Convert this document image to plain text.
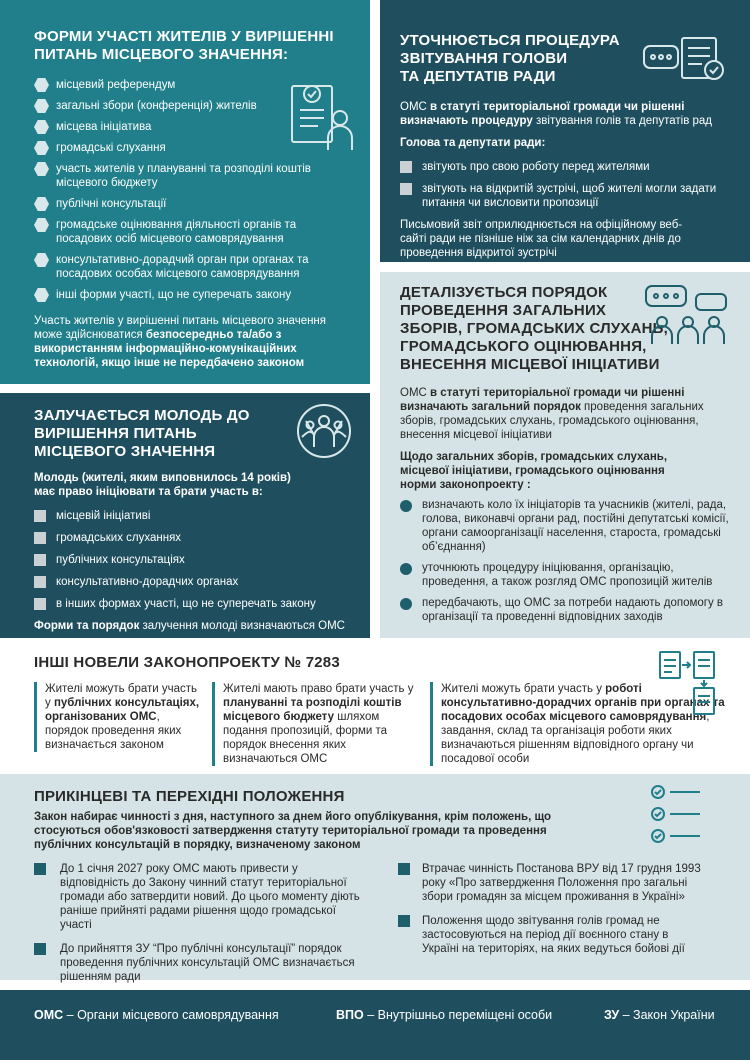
ФОРМИ УЧАСТІ ЖИТЕЛІВ У ВИРІШЕННІ
ПИТАНЬ МІСЦЕВОГО ЗНАЧЕННЯ:
місцевий референдум
загальні збори (конференція) жителів
місцева ініціатива
громадські слухання
участь жителів у плануванні та розподілі коштів місцевого бюджету
публічні консультації
громадське оцінювання діяльності органів та посадових осіб місцевого самоврядування
консультативно-дорадчий орган при органах та посадових особах місцевого самоврядування
інші форми участі, що не суперечать закону

Участь жителів у вирішенні питань місцевого значення може здійснюватися безпосередньо та/або з використанням інформаційно-комунікаційних технологій, якщо інше не передбачено законом

УТОЧНЮЄТЬСЯ ПРОЦЕДУРА
ЗВІТУВАННЯ ГОЛОВИ
ТА ДЕПУТАТІВ РАДИ

ОМС в статуті територіальної громади чи рішенні визначають процедуру звітування голів та депутатів рад

Голова та депутати ради:

звітують про свою роботу перед жителями
звітують на відкритій зустрічі, щоб жителі могли задати питання чи висловити пропозиції

Письмовий звіт оприлюднюється на офіційному веб-сайті ради не пізніше ніж за сім календарних днів до проведення відкритої зустрічі

ЗАЛУЧАЄТЬСЯ МОЛОДЬ ДО
ВИРІШЕННЯ ПИТАНЬ
МІСЦЕВОГО ЗНАЧЕННЯ

Молодь (жителі, яким виповнилось 14 років) має право ініціювати та брати участь в:

місцевій ініціативі
громадських слуханнях
публічних консультаціях
консультативно-дорадчих органах
в інших формах участі, що не суперечать закону

Форми та порядок залучення молоді визначаються ОМС

ДЕТАЛІЗУЄТЬСЯ ПОРЯДОК
ПРОВЕДЕННЯ ЗАГАЛЬНИХ
ЗБОРІВ, ГРОМАДСЬКИХ СЛУХАНЬ,
ГРОМАДСЬКОГО ОЦІНЮВАННЯ,
ВНЕСЕННЯ МІСЦЕВОЇ ІНІЦІАТИВИ

ОМС в статуті територіальної громади чи рішенні визначають загальний порядок проведення загальних зборів, громадських слухань, громадського оцінювання, внесення місцевої ініціативи

Щодо загальних зборів, громадських слухань, місцевої ініціативи, громадського оцінювання норми законопроекту :

визначають коло їх ініціаторів та учасників (жителі, рада, голова, виконавчі органи рад, постійні депутатські комісії, органи самоорганізації населення, староста, громадські об’єднання)
уточнюють процедуру ініціювання, організацію, проведення, а також розгляд ОМС пропозицій жителів
передбачають, що ОМС за потреби надають допомогу в організації та проведенні відповідних заходів
ІНШІ НОВЕЛИ ЗАКОНОПРОЕКТУ № 7283
Жителі можуть брати участь у публічних консультаціях, організованих ОМС, порядок проведення яких визначається законом
Жителі мають право брати участь у плануванні та розподілі коштів місцевого бюджету шляхом подання пропозицій, форми та порядок внесення яких визначаються ОМС
Жителі можуть брати участь у роботі консультативно-дорадчих органів при органах та посадових особах місцевого самоврядування, завдання, склад та організація роботи яких визначаються рішенням відповідного органу чи посадової особи
ПРИКІНЦЕВІ ТА ПЕРЕХІДНІ ПОЛОЖЕННЯ

Закон набирає чинності з дня, наступного за днем його опублікування, крім положень, що стосуються обов'язковості затвердження статуту територіальної громади та проведення публічних консультацій в порядку, визначеному законом

До 1 січня 2027 року ОМС мають привести у відповідність до Закону чинний статут територіальної громади або затвердити новий. До цього моменту діють раніше прийняті радами рішення щодо громадської участі
До прийняття ЗУ “Про публічні консультації” порядок проведення публічних консультацій ОМС визначається рішенням ради
Втрачає чинність Постанова ВРУ від 17 грудня 1993 року «Про затвердження Положення про загальні збори громадян за місцем проживання в Україні»
Положення щодо звітування голів громад не застосовуються на період дії воєнного стану в Україні на територіях, на яких ведуться бойові дії
ОМС – Органи місцевого самоврядування	ВПО – Внутрішньо переміщені особи	ЗУ – Закон України
